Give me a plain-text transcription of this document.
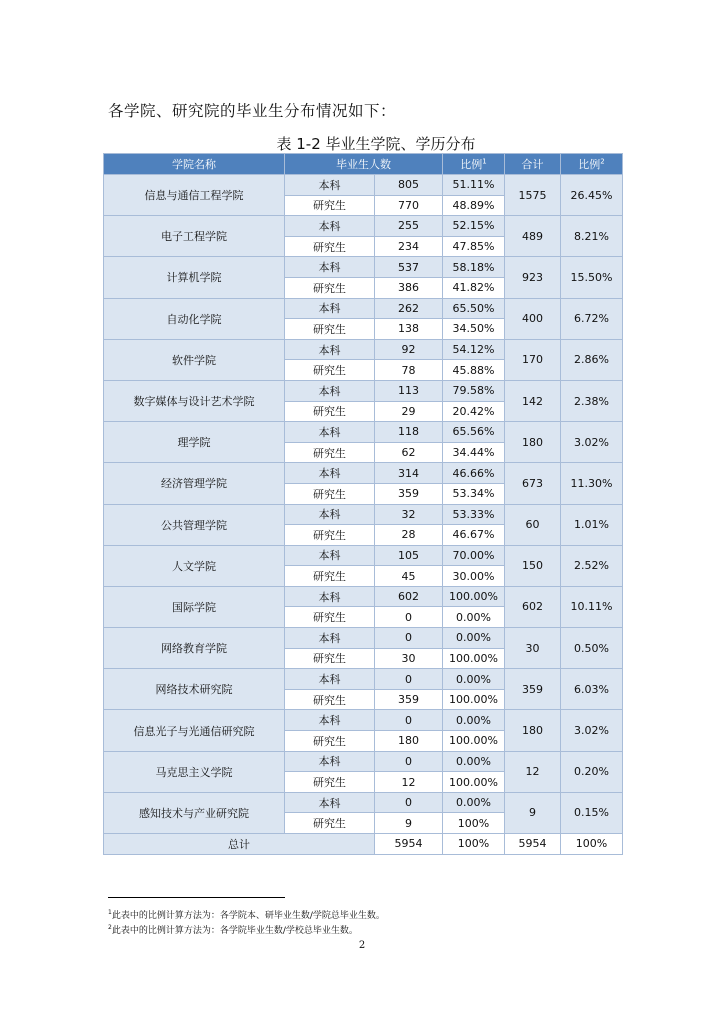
各学院、研究院的毕业生分布情况如下：
表 1-2 毕业生学院、学历分布
学院名称	毕业生人数		比例$^1$	合计	比例$^2$
信息与通信工程学院	本科	805	51.11%	1575	26.45%
	研究生	770	48.89%		
电子工程学院	本科	255	52.15%	489	8.21%
	研究生	234	47.85%		
计算机学院	本科	537	58.18%	923	15.50%
	研究生	386	41.82%		
自动化学院	本科	262	65.50%	400	6.72%
	研究生	138	34.50%		
软件学院	本科	92	54.12%	170	2.86%
	研究生	78	45.88%		
数字媒体与设计艺术学院	本科	113	79.58%	142	2.38%
	研究生	29	20.42%		
理学院	本科	118	65.56%	180	3.02%
	研究生	62	34.44%		
经济管理学院	本科	314	46.66%	673	11.30%
	研究生	359	53.34%		
公共管理学院	本科	32	53.33%	60	1.01%
	研究生	28	46.67%		
人文学院	本科	105	70.00%	150	2.52%
	研究生	45	30.00%		
国际学院	本科	602	100.00%	602	10.11%
	研究生	0	0.00%		
网络教育学院	本科	0	0.00%	30	0.50%
	研究生	30	100.00%		
网络技术研究院	本科	0	0.00%	359	6.03%
	研究生	359	100.00%		
信息光子与光通信研究院	本科	0	0.00%	180	3.02%
	研究生	180	100.00%		
马克思主义学院	本科	0	0.00%	12	0.20%
	研究生	12	100.00%		
感知技术与产业研究院	本科	0	0.00%	9	0.15%
	研究生	9	100%		
总计		5954	100%	5954	100%
$^1$此表中的比例计算方法为：各学院本、研毕业生数/学院总毕业生数。
$^2$此表中的比例计算方法为：各学院毕业生数/学校总毕业生数。
2
